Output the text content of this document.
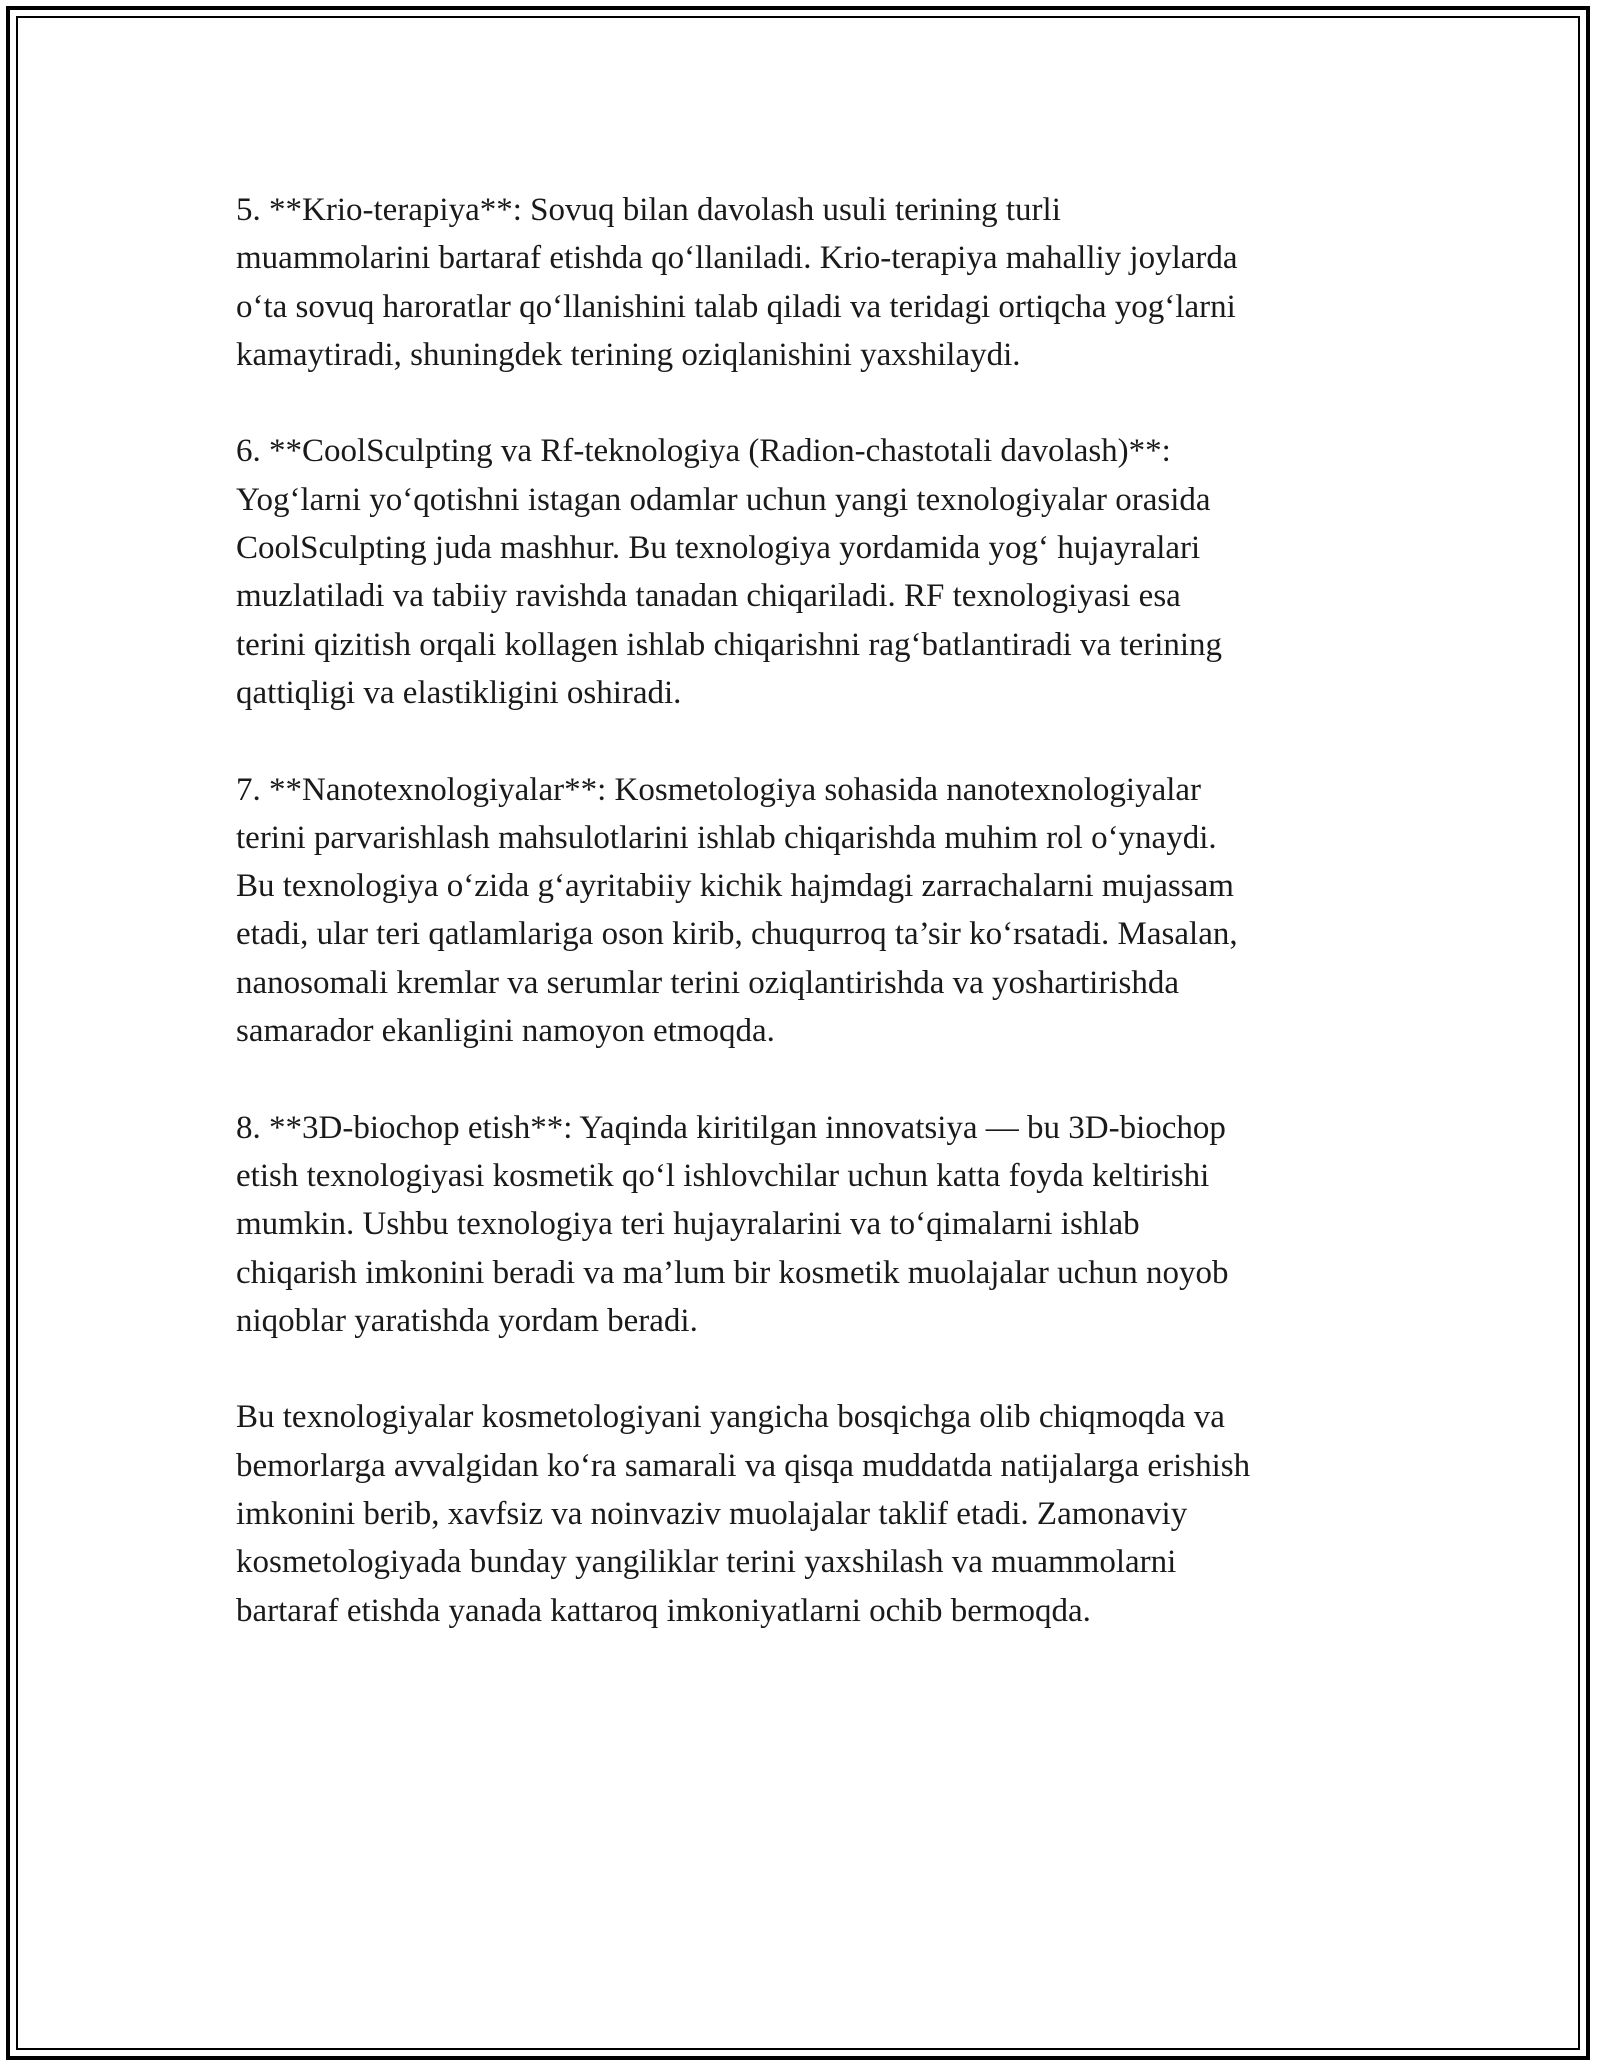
5. **Krio-terapiya**: Sovuq bilan davolash usuli terining turli
muammolarini bartaraf etishda qo‘llaniladi. Krio-terapiya mahalliy joylarda
o‘ta sovuq haroratlar qo‘llanishini talab qiladi va teridagi ortiqcha yog‘larni
kamaytiradi, shuningdek terining oziqlanishini yaxshilaydi.

6. **CoolSculpting va Rf-teknologiya (Radion-chastotali davolash)**:
Yog‘larni yo‘qotishni istagan odamlar uchun yangi texnologiyalar orasida
CoolSculpting juda mashhur. Bu texnologiya yordamida yog‘ hujayralari
muzlatiladi va tabiiy ravishda tanadan chiqariladi. RF texnologiyasi esa
terini qizitish orqali kollagen ishlab chiqarishni rag‘batlantiradi va terining
qattiqligi va elastikligini oshiradi.

7. **Nanotexnologiyalar**: Kosmetologiya sohasida nanotexnologiyalar
terini parvarishlash mahsulotlarini ishlab chiqarishda muhim rol o‘ynaydi.
Bu texnologiya o‘zida g‘ayritabiiy kichik hajmdagi zarrachalarni mujassam
etadi, ular teri qatlamlariga oson kirib, chuqurroq ta’sir ko‘rsatadi. Masalan,
nanosomali kremlar va serumlar terini oziqlantirishda va yoshartirishda
samarador ekanligini namoyon etmoqda.

8. **3D-biochop etish**: Yaqinda kiritilgan innovatsiya — bu 3D-biochop
etish texnologiyasi kosmetik qo‘l ishlovchilar uchun katta foyda keltirishi
mumkin. Ushbu texnologiya teri hujayralarini va to‘qimalarni ishlab
chiqarish imkonini beradi va ma’lum bir kosmetik muolajalar uchun noyob
niqoblar yaratishda yordam beradi.

Bu texnologiyalar kosmetologiyani yangicha bosqichga olib chiqmoqda va
bemorlarga avvalgidan ko‘ra samarali va qisqa muddatda natijalarga erishish
imkonini berib, xavfsiz va noinvaziv muolajalar taklif etadi. Zamonaviy
kosmetologiyada bunday yangiliklar terini yaxshilash va muammolarni
bartaraf etishda yanada kattaroq imkoniyatlarni ochib bermoqda.
